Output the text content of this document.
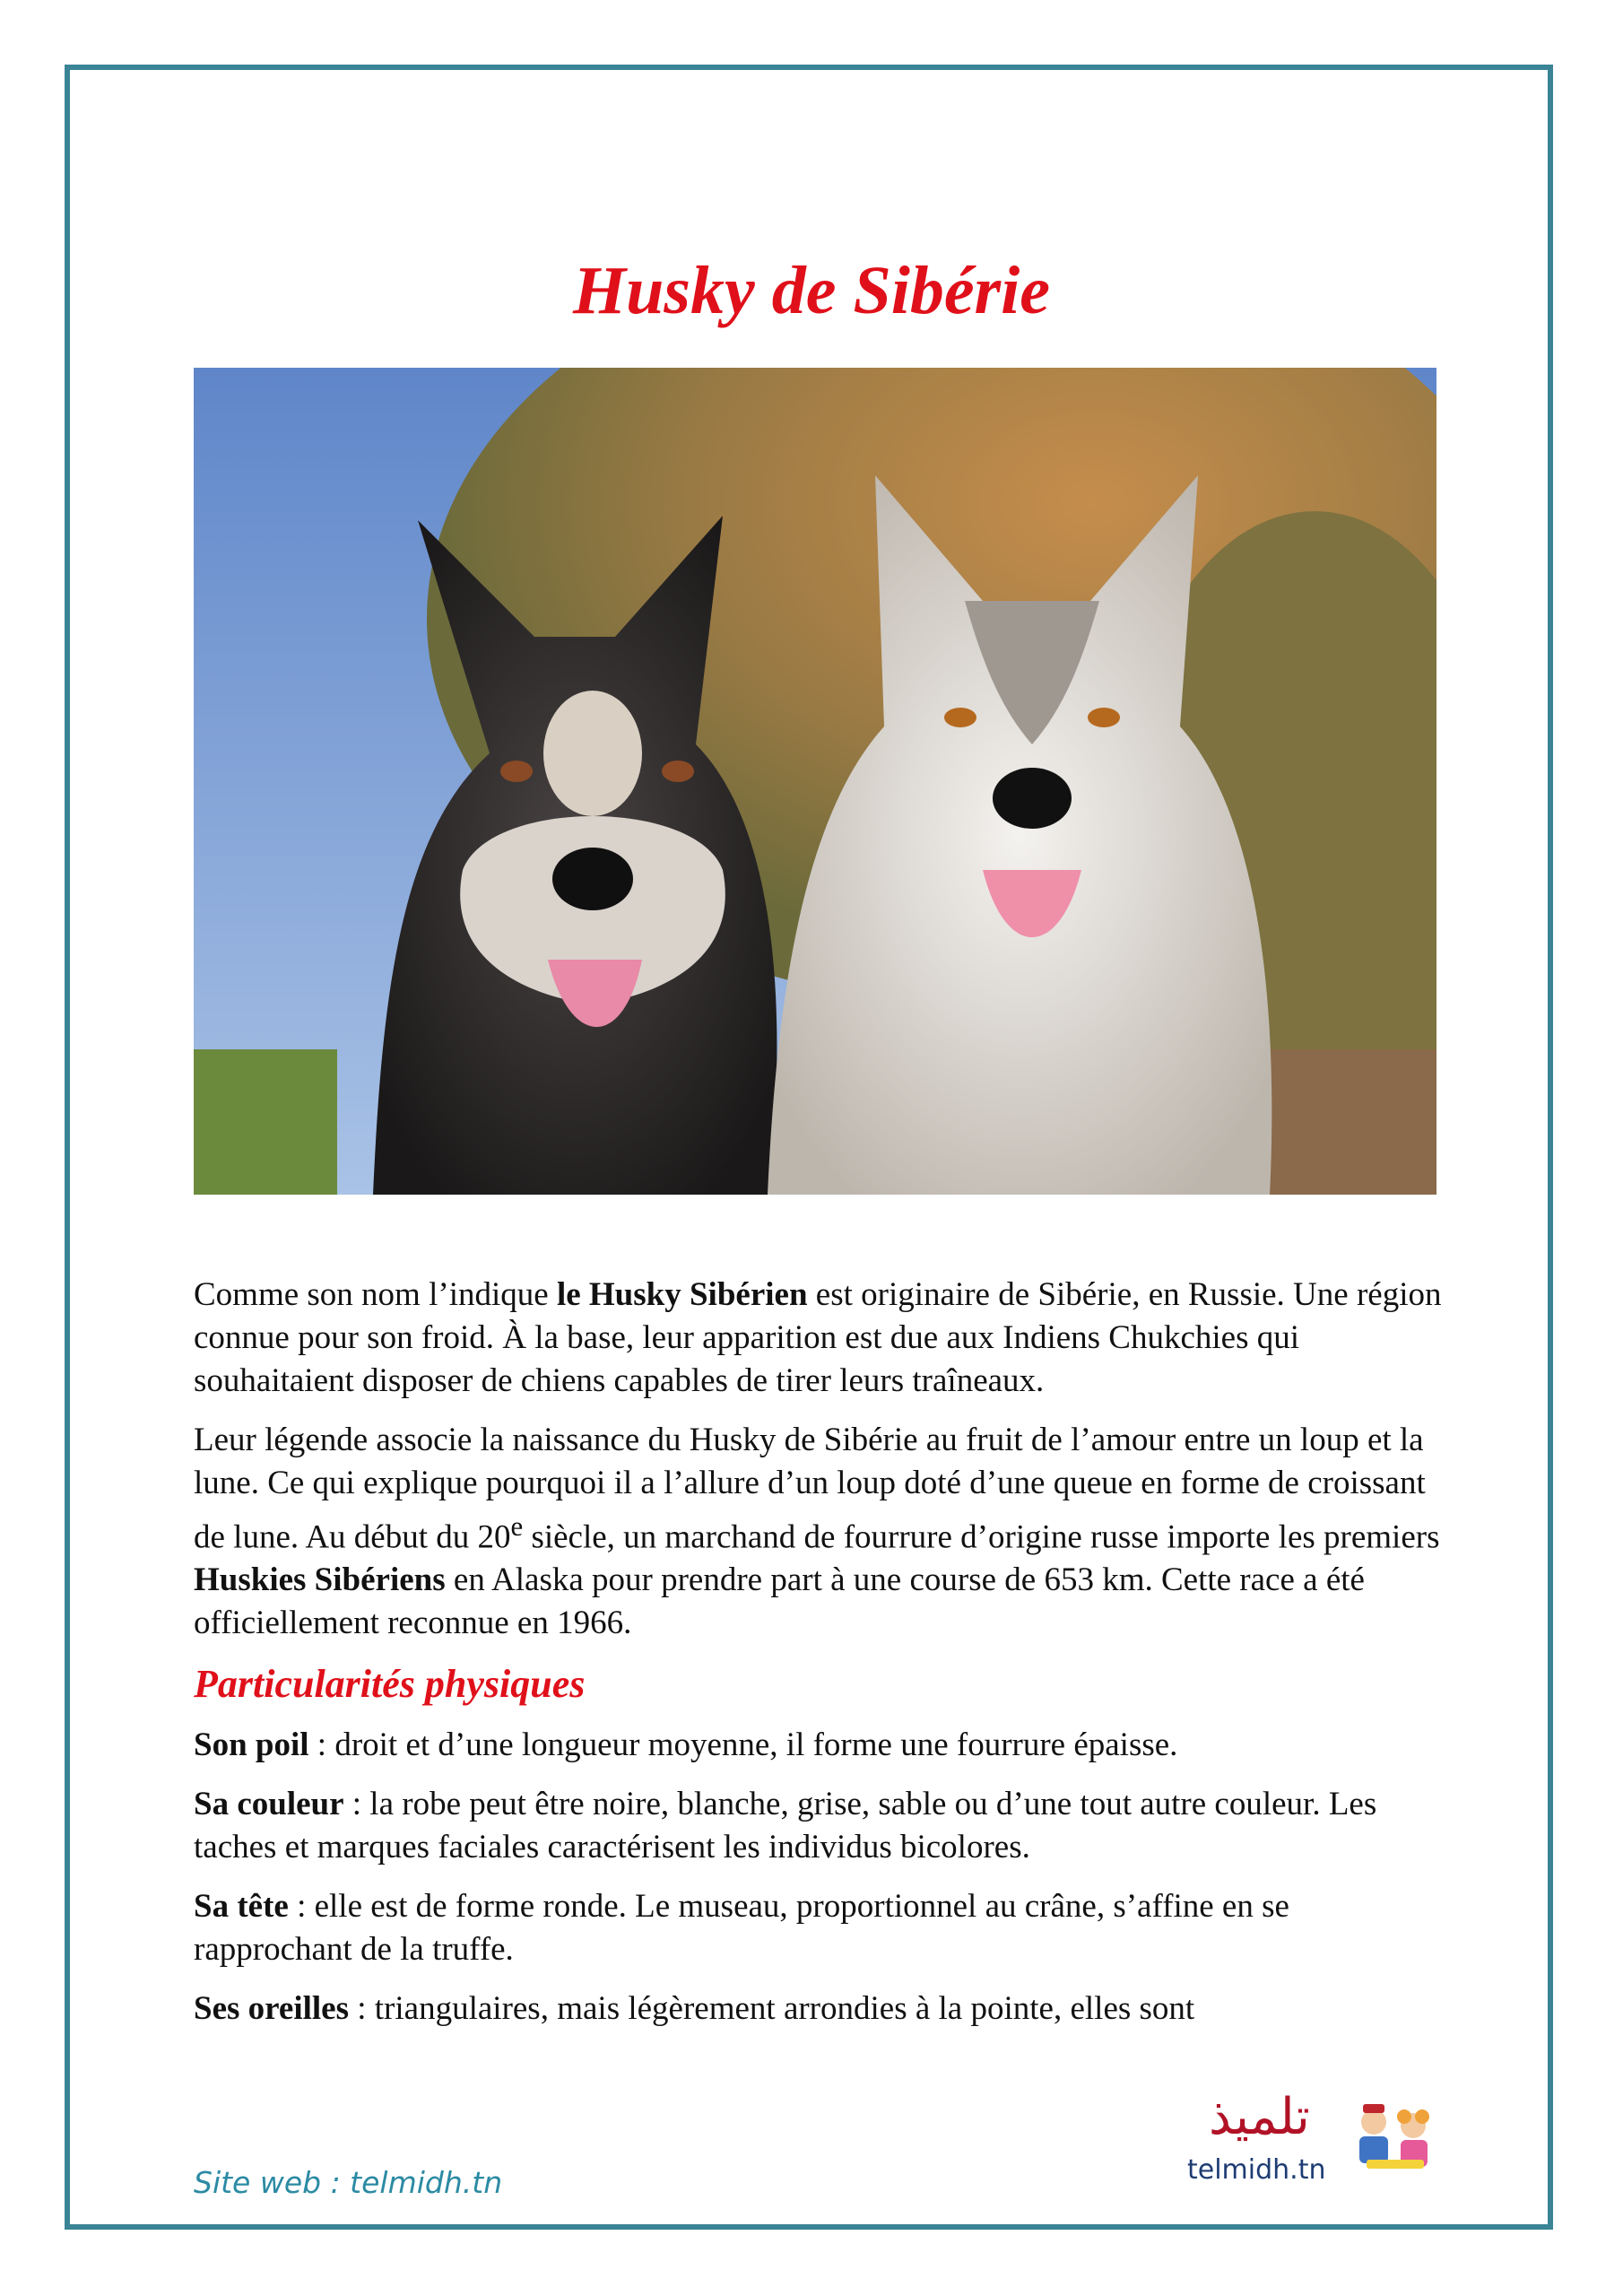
Husky de Sibérie

Comme son nom l’indique le Husky Sibérien est originaire de Sibérie, en Russie. Une région connue pour son froid. À la base, leur apparition est due aux Indiens Chukchies qui souhaitaient disposer de chiens capables de tirer leurs traîneaux.

Leur légende associe la naissance du Husky de Sibérie au fruit de l’amour entre un loup et la lune. Ce qui explique pourquoi il a l’allure d’un loup doté d’une queue en forme de croissant de lune. Au début du 20e siècle, un marchand de fourrure d’origine russe importe les premiers Huskies Sibériens en Alaska pour prendre part à une course de 653 km. Cette race a été officiellement reconnue en 1966.

Particularités physiques

Son poil : droit et d’une longueur moyenne, il forme une fourrure épaisse.

Sa couleur : la robe peut être noire, blanche, grise, sable ou d’une tout autre couleur. Les taches et marques faciales caractérisent les individus bicolores.

Sa tête : elle est de forme ronde. Le museau, proportionnel au crâne, s’affine en se rapprochant de la truffe.

Ses oreilles : triangulaires, mais légèrement arrondies à la pointe, elles sont

Site web : telmidh.tn
تلميذ
telmidh.tn
